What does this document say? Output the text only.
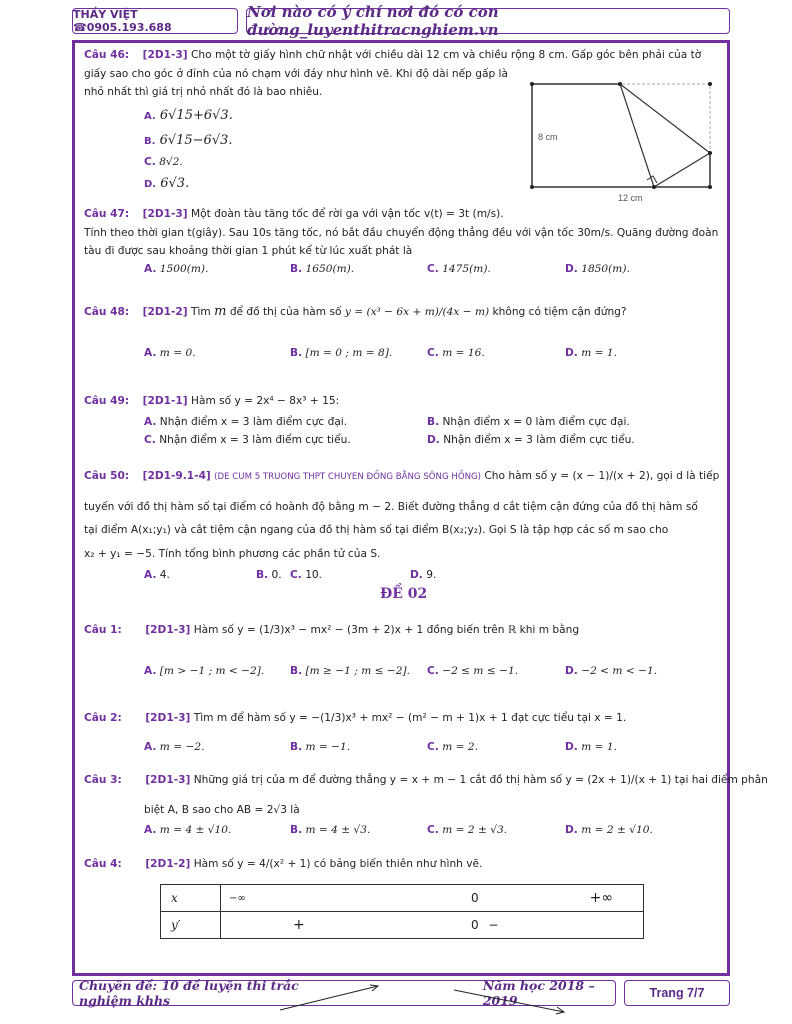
THẦY VIỆT ☎0905.193.688
Nơi nào có ý chí nơi đó có con đường_luyenthitracnghiem.vn
Câu 46: [2D1-3] Cho một tờ giấy hình chữ nhật với chiều dài 12 cm và chiều rộng 8 cm. Gấp góc bên phải của tờ
giấy sao cho góc ở đỉnh của nó chạm với đáy như hình vẽ. Khi độ dài nếp gấp là
nhỏ nhất thì giá trị nhỏ nhất đó là bao nhiêu.
A. 6√15+6√3.
B. 6√15−6√3.
C. 8√2.
D. 6√3.
8 cm
12 cm
Câu 47: [2D1-3] Một đoàn tàu tăng tốc để rời ga với vận tốc v(t) = 3t (m/s).
Tính theo thời gian t(giây). Sau 10s tăng tốc, nó bắt đầu chuyển động thẳng đều với vận tốc 30m/s. Quãng đường đoàn
tàu đi được sau khoảng thời gian 1 phút kể từ lúc xuất phát là
A. 1500(m).	B. 1650(m).	C. 1475(m).	D. 1850(m).
Câu 48: [2D1-2] Tìm m để đồ thị của hàm số y = (x³ − 6x + m)/(4x − m) không có tiệm cận đứng?
A. m = 0.	B. [m = 0 ; m = 8].	C. m = 16.	D. m = 1.
Câu 49: [2D1-1] Hàm số y = 2x⁴ − 8x³ + 15:
A. Nhận điểm x = 3 làm điểm cực đại.	B. Nhận điểm x = 0 làm điểm cực đại.
C. Nhận điểm x = 3 làm điểm cực tiểu.	D. Nhận điểm x = 3 làm điểm cực tiểu.
Câu 50: [2D1-9.1-4] (DE CUM 5 TRUONG THPT CHUYEN ĐỒNG BẰNG SÔNG HỒNG) Cho hàm số y = (x − 1)/(x + 2), gọi d là tiếp
tuyến với đồ thị hàm số tại điểm có hoành độ bằng m − 2. Biết đường thẳng d cắt tiệm cận đứng của đồ thị hàm số
tại điểm A(x₁;y₁) và cắt tiệm cận ngang của đồ thị hàm số tại điểm B(x₂;y₂). Gọi S là tập hợp các số m sao cho
x₂ + y₁ = −5. Tính tổng bình phương các phần tử của S.
A. 4.	B. 0. C. 10.	D. 9.
ĐỀ 02
Câu 1: [2D1-3] Hàm số y = (1/3)x³ − mx² − (3m + 2)x + 1 đồng biến trên ℝ khi m bằng
A. [m > −1 ; m < −2]. B. [m ≥ −1 ; m ≤ −2]. C. −2 ≤ m ≤ −1.	D. −2 < m < −1.
Câu 2: [2D1-3] Tìm m để hàm số y = −(1/3)x³ + mx² − (m² − m + 1)x + 1 đạt cực tiểu tại x = 1.
A. m = −2.	B. m = −1.	C. m = 2.	D. m = 1.
Câu 3: [2D1-3] Những giá trị của m để đường thẳng y = x + m − 1 cắt đồ thị hàm số y = (2x + 1)/(x + 1) tại hai điểm phân
biệt A, B sao cho AB = 2√3 là
A. m = 4 ± √10.	B. m = 4 ± √3.	C. m = 2 ± √3.	D. m = 2 ± √10.
Câu 4: [2D1-2] Hàm số y = 4/(x² + 1) có bảng biến thiên như hình vẽ.
x	−∞	0	+∞
y′	+	0	−
Chuyên đề: 10 đề luyện thi trắc nghiệm khhs
Năm học 2018 – 2019	Trang 7/7
